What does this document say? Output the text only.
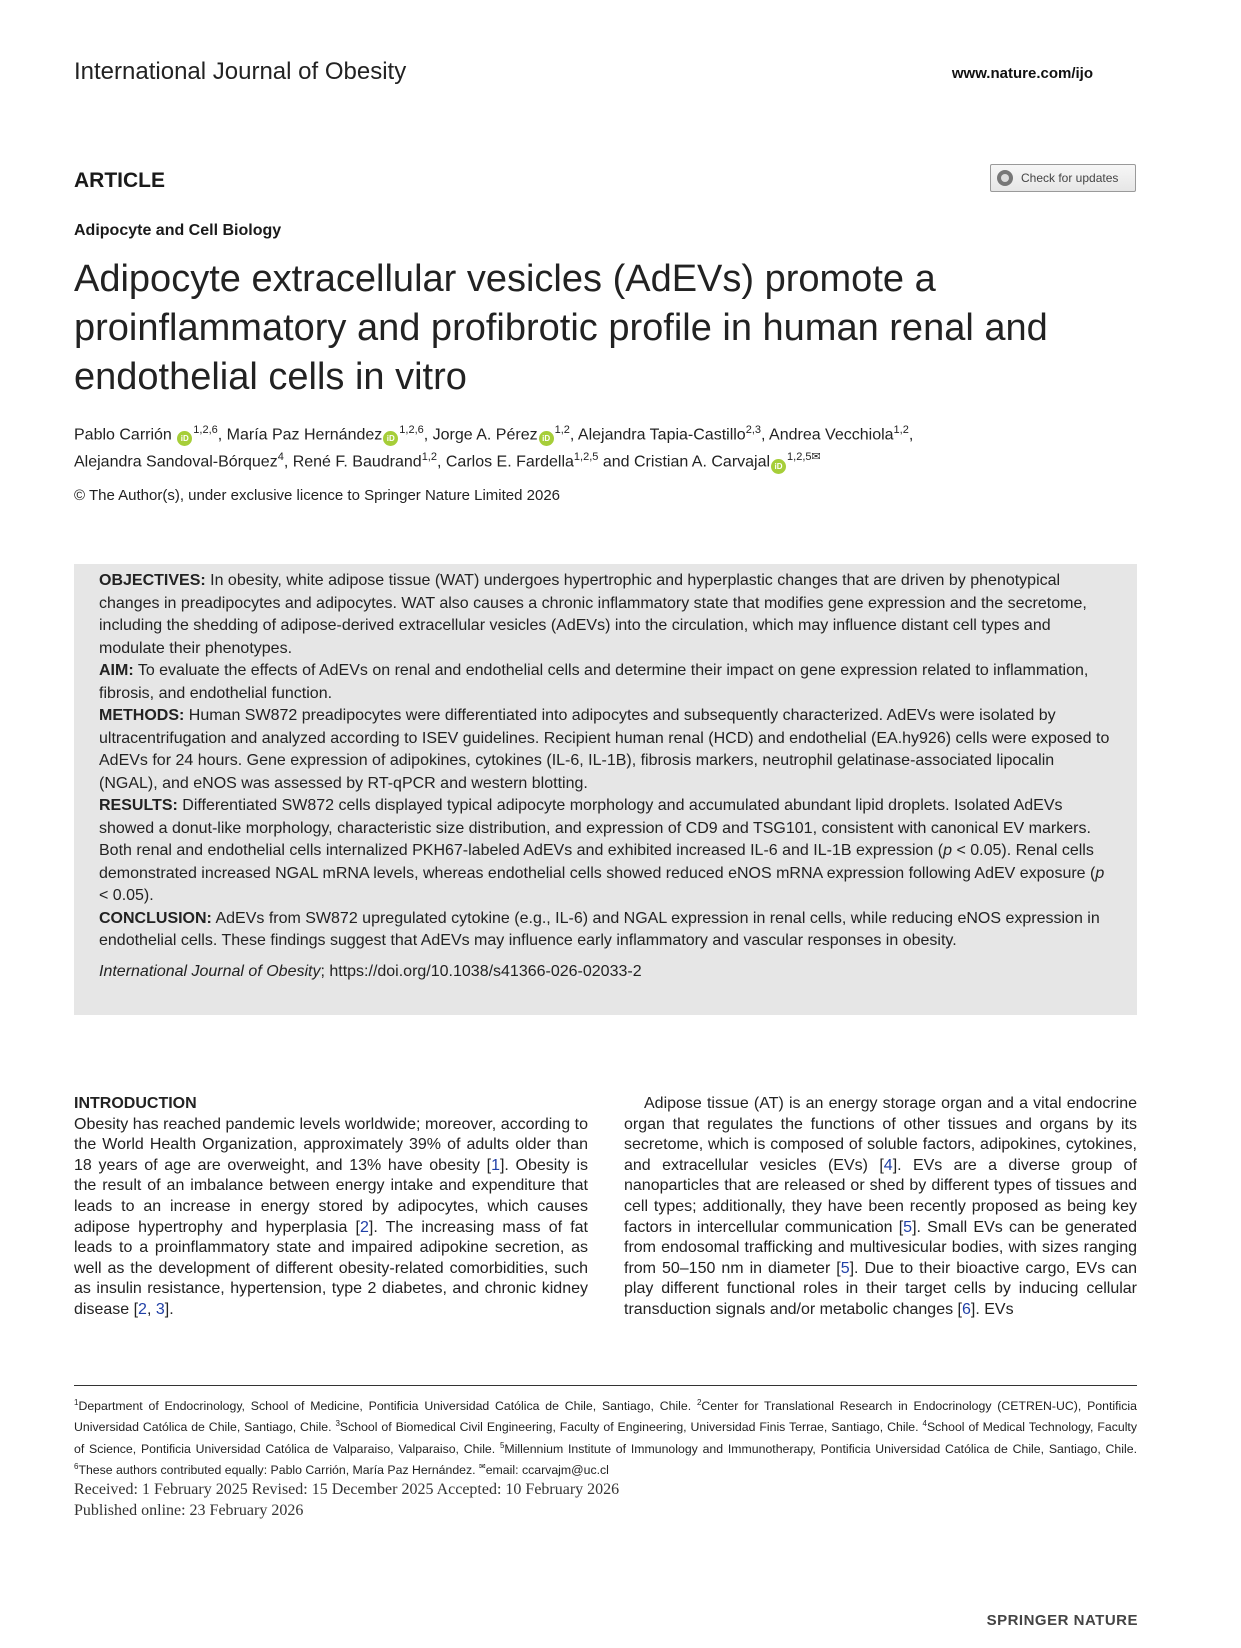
International Journal of Obesity	www.nature.com/ijo
ARTICLE	Check for updates
Adipocyte and Cell Biology
Adipocyte extracellular vesicles (AdEVs) promote a proinflammatory and profibrotic profile in human renal and endothelial cells in vitro
Pablo Carrión iD$^{1,2,6}$, María Paz Hernández iD$^{1,2,6}$, Jorge A. Pérez iD$^{1,2}$, Alejandra Tapia-Castillo$^{2,3}$, Andrea Vecchiola$^{1,2}$,
Alejandra Sandoval-Bórquez$^4$, René F. Baudrand$^{1,2}$, Carlos E. Fardella$^{1,2,5}$ and Cristian A. Carvajal $iD^{1,2,5✉}$
© The Author(s), under exclusive licence to Springer Nature Limited 2026

OBJECTIVES: In obesity, white adipose tissue (WAT) undergoes hypertrophic and hyperplastic changes that are driven by phenotypical changes in preadipocytes and adipocytes. WAT also causes a chronic inflammatory state that modifies gene expression and the secretome, including the shedding of adipose-derived extracellular vesicles (AdEVs) into the circulation, which may influence distant cell types and modulate their phenotypes.

AIM: To evaluate the effects of AdEVs on renal and endothelial cells and determine their impact on gene expression related to inflammation, fibrosis, and endothelial function.

METHODS: Human SW872 preadipocytes were differentiated into adipocytes and subsequently characterized. AdEVs were isolated by ultracentrifugation and analyzed according to ISEV guidelines. Recipient human renal (HCD) and endothelial (EA.hy926) cells were exposed to AdEVs for 24 hours. Gene expression of adipokines, cytokines (IL-6, IL-1B), fibrosis markers, neutrophil gelatinase-associated lipocalin (NGAL), and eNOS was assessed by RT-qPCR and western blotting.

RESULTS: Differentiated SW872 cells displayed typical adipocyte morphology and accumulated abundant lipid droplets. Isolated AdEVs showed a donut-like morphology, characteristic size distribution, and expression of CD9 and TSG101, consistent with canonical EV markers. Both renal and endothelial cells internalized PKH67-labeled AdEVs and exhibited increased IL-6 and IL-1B expression (p < 0.05). Renal cells demonstrated increased NGAL mRNA levels, whereas endothelial cells showed reduced eNOS mRNA expression following AdEV exposure (p < 0.05).

CONCLUSION: AdEVs from SW872 upregulated cytokine (e.g., IL-6) and NGAL expression in renal cells, while reducing eNOS expression in endothelial cells. These findings suggest that AdEVs may influence early inflammatory and vascular responses in obesity.

International Journal of Obesity; https://doi.org/10.1038/s41366-026-02033-2

INTRODUCTION

Obesity has reached pandemic levels worldwide; moreover, according to the World Health Organization, approximately 39% of adults older than 18 years of age are overweight, and 13% have obesity [1]. Obesity is the result of an imbalance between energy intake and expenditure that leads to an increase in energy stored by adipocytes, which causes adipose hypertrophy and hyperplasia [2]. The increasing mass of fat leads to a proinflammatory state and impaired adipokine secretion, as well as the development of different obesity-related comorbidities, such as insulin resistance, hypertension, type 2 diabetes, and chronic kidney disease [2, 3].

Adipose tissue (AT) is an energy storage organ and a vital endocrine organ that regulates the functions of other tissues and organs by its secretome, which is composed of soluble factors, adipokines, cytokines, and extracellular vesicles (EVs) [4]. EVs are a diverse group of nanoparticles that are released or shed by different types of tissues and cell types; additionally, they have been recently proposed as being key factors in intercellular communication [5]. Small EVs can be generated from endosomal trafficking and multivesicular bodies, with sizes ranging from 50–150 nm in diameter [5]. Due to their bioactive cargo, EVs can play different functional roles in their target cells by inducing cellular transduction signals and/or metabolic changes [6]. EVs

$^1$Department of Endocrinology, School of Medicine, Pontificia Universidad Católica de Chile, Santiago, Chile. $^2$Center for Translational Research in Endocrinology (CETREN-UC), Pontificia Universidad Católica de Chile, Santiago, Chile. $^3$School of Biomedical Civil Engineering, Faculty of Engineering, Universidad Finis Terrae, Santiago, Chile. $^4$School of Medical Technology, Faculty of Science, Pontificia Universidad Católica de Valparaiso, Valparaiso, Chile. $^5$Millennium Institute of Immunology and Immunotherapy, Pontificia Universidad Católica de Chile, Santiago, Chile. $^6$These authors contributed equally: Pablo Carrión, María Paz Hernández. ✉email: ccarvajm@uc.cl
Received: 1 February 2025 Revised: 15 December 2025 Accepted: 10 February 2026
Published online: 23 February 2026
SPRINGER NATURE
